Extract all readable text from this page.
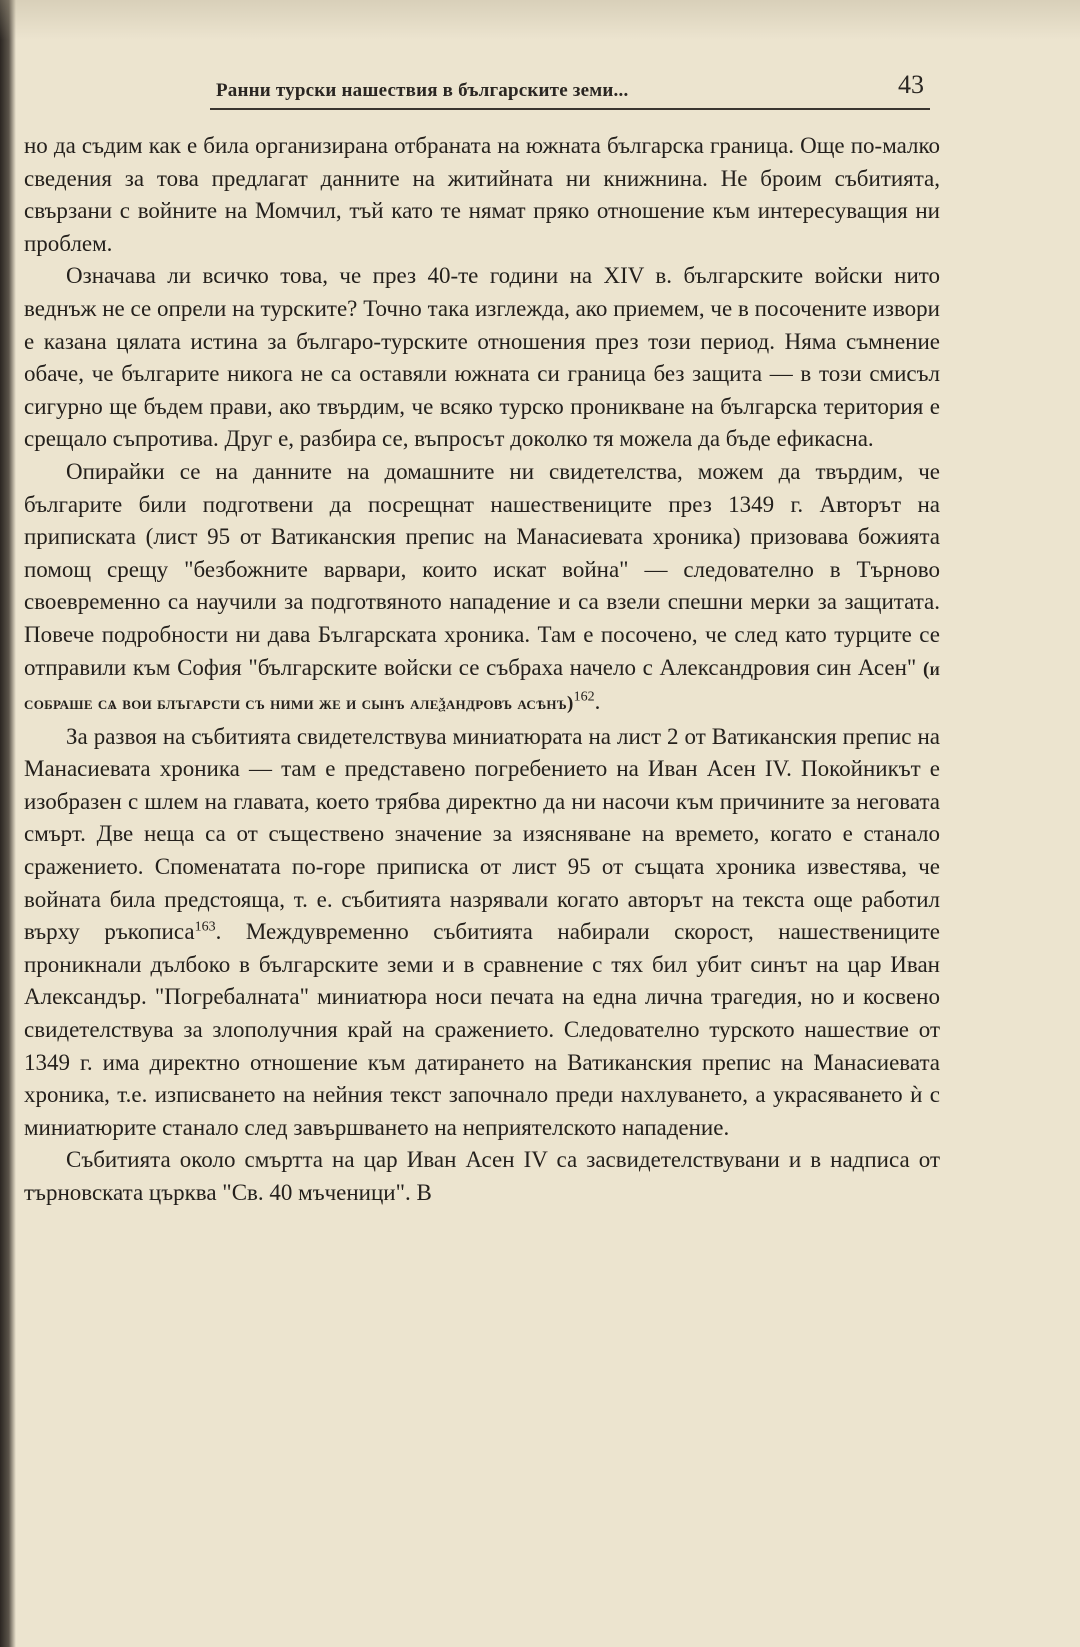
Ранни турски нашествия в българските земи...	43

но да съдим как е била организирана отбраната на южната българска граница. Още по-малко сведения за това предлагат данните на житийната ни книжнина. Не броим събитията, свързани с войните на Момчил, тъй като те нямат пряко отношение към интересуващия ни проблем.

Означава ли всичко това, че през 40-те години на XIV в. българските войски нито веднъж не се опрели на турските? Точно така изглежда, ако приемем, че в посочените извори е казана цялата истина за българо-турските отношения през този период. Няма съмнение обаче, че българите никога не са оставяли южната си граница без защита — в този смисъл сигурно ще бъдем прави, ако твърдим, че всяко турско проникване на българска територия е срещало съпротива. Друг е, разбира се, въпросът доколко тя можела да бъде ефикасна.

Опирайки се на данните на домашните ни свидетелства, можем да твърдим, че българите били подготвени да посрещнат нашествениците през 1349 г. Авторът на приписката (лист 95 от Ватиканския препис на Манасиевата хроника) призовава божията помощ срещу "безбожните варвари, които искат война" — следователно в Търново своевременно са научили за подготвяното нападение и са взели спешни мерки за защитата. Повече подробности ни дава Българската хроника. Там е посочено, че след като турците се отправили към София "българските войски се събраха начело с Александровия син Асен" (и собраше сѧ вои блъгарсти съ ними же и сынъ алеѯандровъ асѣнъ)$^{162}$.

За развоя на събитията свидетелствува миниатюрата на лист 2 от Ватиканския препис на Манасиевата хроника — там е представено погребението на Иван Асен IV. Покойникът е изобразен с шлем на главата, което трябва директно да ни насочи към причините за неговата смърт. Две неща са от съществено значение за изясняване на времето, когато е станало сражението. Споменатата по-горе приписка от лист 95 от същата хроника известява, че войната била предстояща, т. е. събитията назрявали когато авторът на текста още работил върху ръкописа$^{163}$. Междувременно събитията набирали скорост, нашествениците проникнали дълбоко в българските земи и в сравнение с тях бил убит синът на цар Иван Александър. "Погребалната" миниатюра носи печата на една лична трагедия, но и косвено свидетелствува за злополучния край на сражението. Следователно турското нашествие от 1349 г. има директно отношение към датирането на Ватиканския препис на Манасиевата хроника, т.е. изписването на нейния текст започнало преди нахлуването, а украсяването ѝ с миниатюрите станало след завършването на неприятелското нападение.

Събитията около смъртта на цар Иван Асен IV са засвидетелствувани и в надписа от търновската църква "Св. 40 мъченици". В
